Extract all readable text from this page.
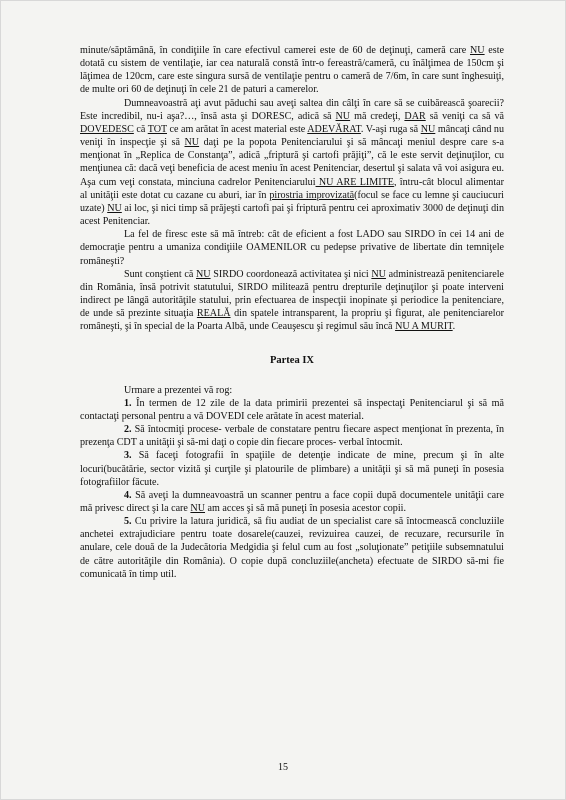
minute/săptămână, în condiţiile în care efectivul camerei este de 60 de deţinuţi, cameră care NU este dotată cu sistem de ventilaţie, iar cea naturală constă într-o fereastră/cameră, cu înălţimea de 150cm şi lăţimea de 120cm, care este singura sursă de ventilaţie pentru o cameră de 7/6m, în care sunt înghesuiţi, de multe ori 60 de deţinuţi în cele 21 de paturi a camerelor.

Dumneavoastră aţi avut păduchi sau aveţi saltea din câlţi în care să se cuibărească şoarecii? Este incredibil, nu-i aşa?…, însă asta şi DORESC, adică să NU mă credeţi, DAR să veniţi ca să vă DOVEDESC că TOT ce am arătat în acest material este ADEVĂRAT. V-aşi ruga să NU mâncaţi când nu veniţi în inspecţie şi să NU daţi pe la popota Penitenciarului şi să mâncaţi meniul despre care s-a menţionat în „Replica de Constanţa”, adică „friptură şi cartofi prăjiţi”, că le este servit deţinuţilor, cu menţiunea că: dacă veţi beneficia de acest meniu în acest Penitenciar, desertul şi salata vă voi asigura eu. Aşa cum veţi constata, minciuna cadrelor Penitenciarului NU ARE LIMITE, întru-cât blocul alimentar al unităţii este dotat cu cazane cu aburi, iar în pirostria improvizată(focul se face cu lemne şi cauciucuri uzate) NU ai loc, şi nici timp să prăjeşti cartofi pai şi friptură pentru cei aproximativ 3000 de deţinuţi din acest Penitenciar.

La fel de firesc este să mă întreb: cât de eficient a fost LADO sau SIRDO în cei 14 ani de democraţie pentru a umaniza condiţiile OAMENILOR cu pedepse privative de libertate din temniţele româneşti?

Sunt conştient că NU SIRDO coordonează activitatea şi nici NU administrează penitenciarele din România, însă potrivit statutului, SIRDO militează pentru drepturile deţinuţilor şi poate interveni indirect pe lângă autorităţile statului, prin efectuarea de inspecţii inopinate şi periodice la penitenciare, de unde să prezinte situaţia REALĂ din spatele intransparent, la propriu şi figurat, ale penitenciarelor româneşti, şi în special de la Poarta Albă, unde Ceauşescu şi regimul său încă NU A MURIT.

Partea IX

Urmare a prezentei vă rog:

1. În termen de 12 zile de la data primirii prezentei să inspectaţi Penitenciarul şi să mă contactaţi personal pentru a vă DOVEDI cele arătate în acest material.

2. Să întocmiţi procese- verbale de constatare pentru fiecare aspect menţionat în prezenta, în prezenţa CDT a unităţii şi să-mi daţi o copie din fiecare proces- verbal întocmit.

3. Să faceţi fotografii în spaţiile de detenţie indicate de mine, precum şi în alte locuri(bucătărie, sector vizită şi curţile şi platourile de plimbare) a unităţii şi să mă puneţi în posesia fotografiilor făcute.

4. Să aveţi la dumneavoastră un scanner pentru a face copii după documentele unităţii care mă privesc direct şi la care NU am acces şi să mă puneţi în posesia acestor copii.

5. Cu privire la latura juridică, să fiu audiat de un specialist care să întocmească concluziile anchetei extrajudiciare pentru toate dosarele(cauzei, revizuirea cauzei, de recuzare, recursurile în anulare, cele două de la Judecătoria Medgidia şi felul cum au fost „soluţionate” petiţiile subsemnatului de către autorităţile din România). O copie după concluziile(ancheta) efectuate de SIRDO să-mi fie comunicată în timp util.

15
